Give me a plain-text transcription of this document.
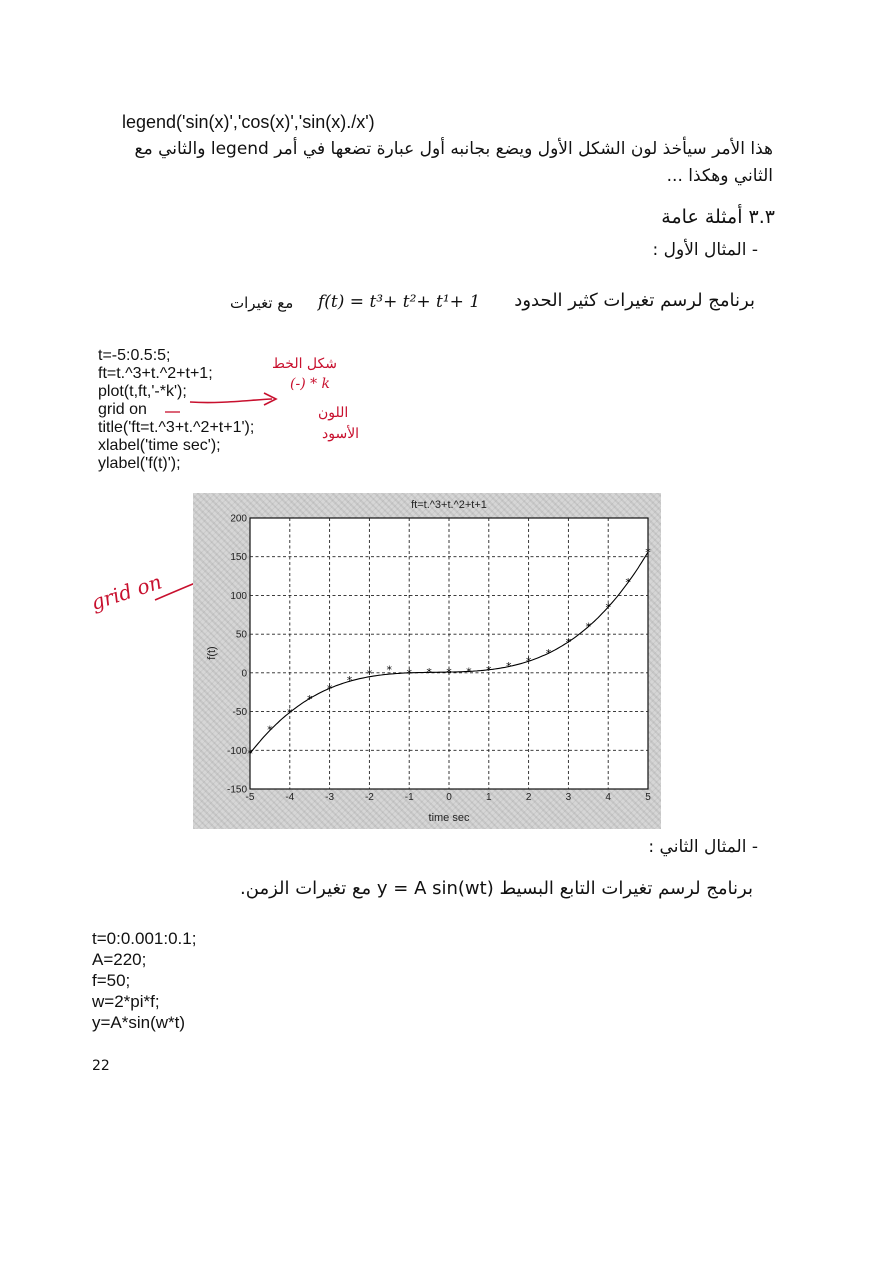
legend('sin(x)','cos(x)','sin(x)./x')
هذا الأمر سيأخذ لون الشكل الأول ويضع بجانبه أول عبارة تضعها في أمر legend والثاني مع
الثاني وهكذا ...
٣.٣ أمثلة عامة
- المثال الأول :
برنامج لرسم تغيرات كثير الحدود
f(t) = t³+ t²+ t¹+ 1
مع تغيرات
t=-5:0.5:5;
ft=t.^3+t.^2+t+1;
plot(t,ft,'-*k');
grid on
title('ft=t.^3+t.^2+t+1');
xlabel('time sec');
ylabel('f(t)');
شكل الخط
(-) * k
اللون
الأسود
grid on
-5	-4	-3	-2	-1	0	1	2	3	4	5
-150
-100
-50
0
50
100
150
200
*
*
*
*
*
* * * * * * * * * *
*
*
*
*
*
*
ft=t.^3+t.^2+t+1
time sec
f(t)
- المثال الثاني :
برنامج لرسم تغيرات التابع البسيط y = A sin(wt) مع تغيرات الزمن.
t=0:0.001:0.1;
A=220;
f=50;
w=2*pi*f;
y=A*sin(w*t)
22
